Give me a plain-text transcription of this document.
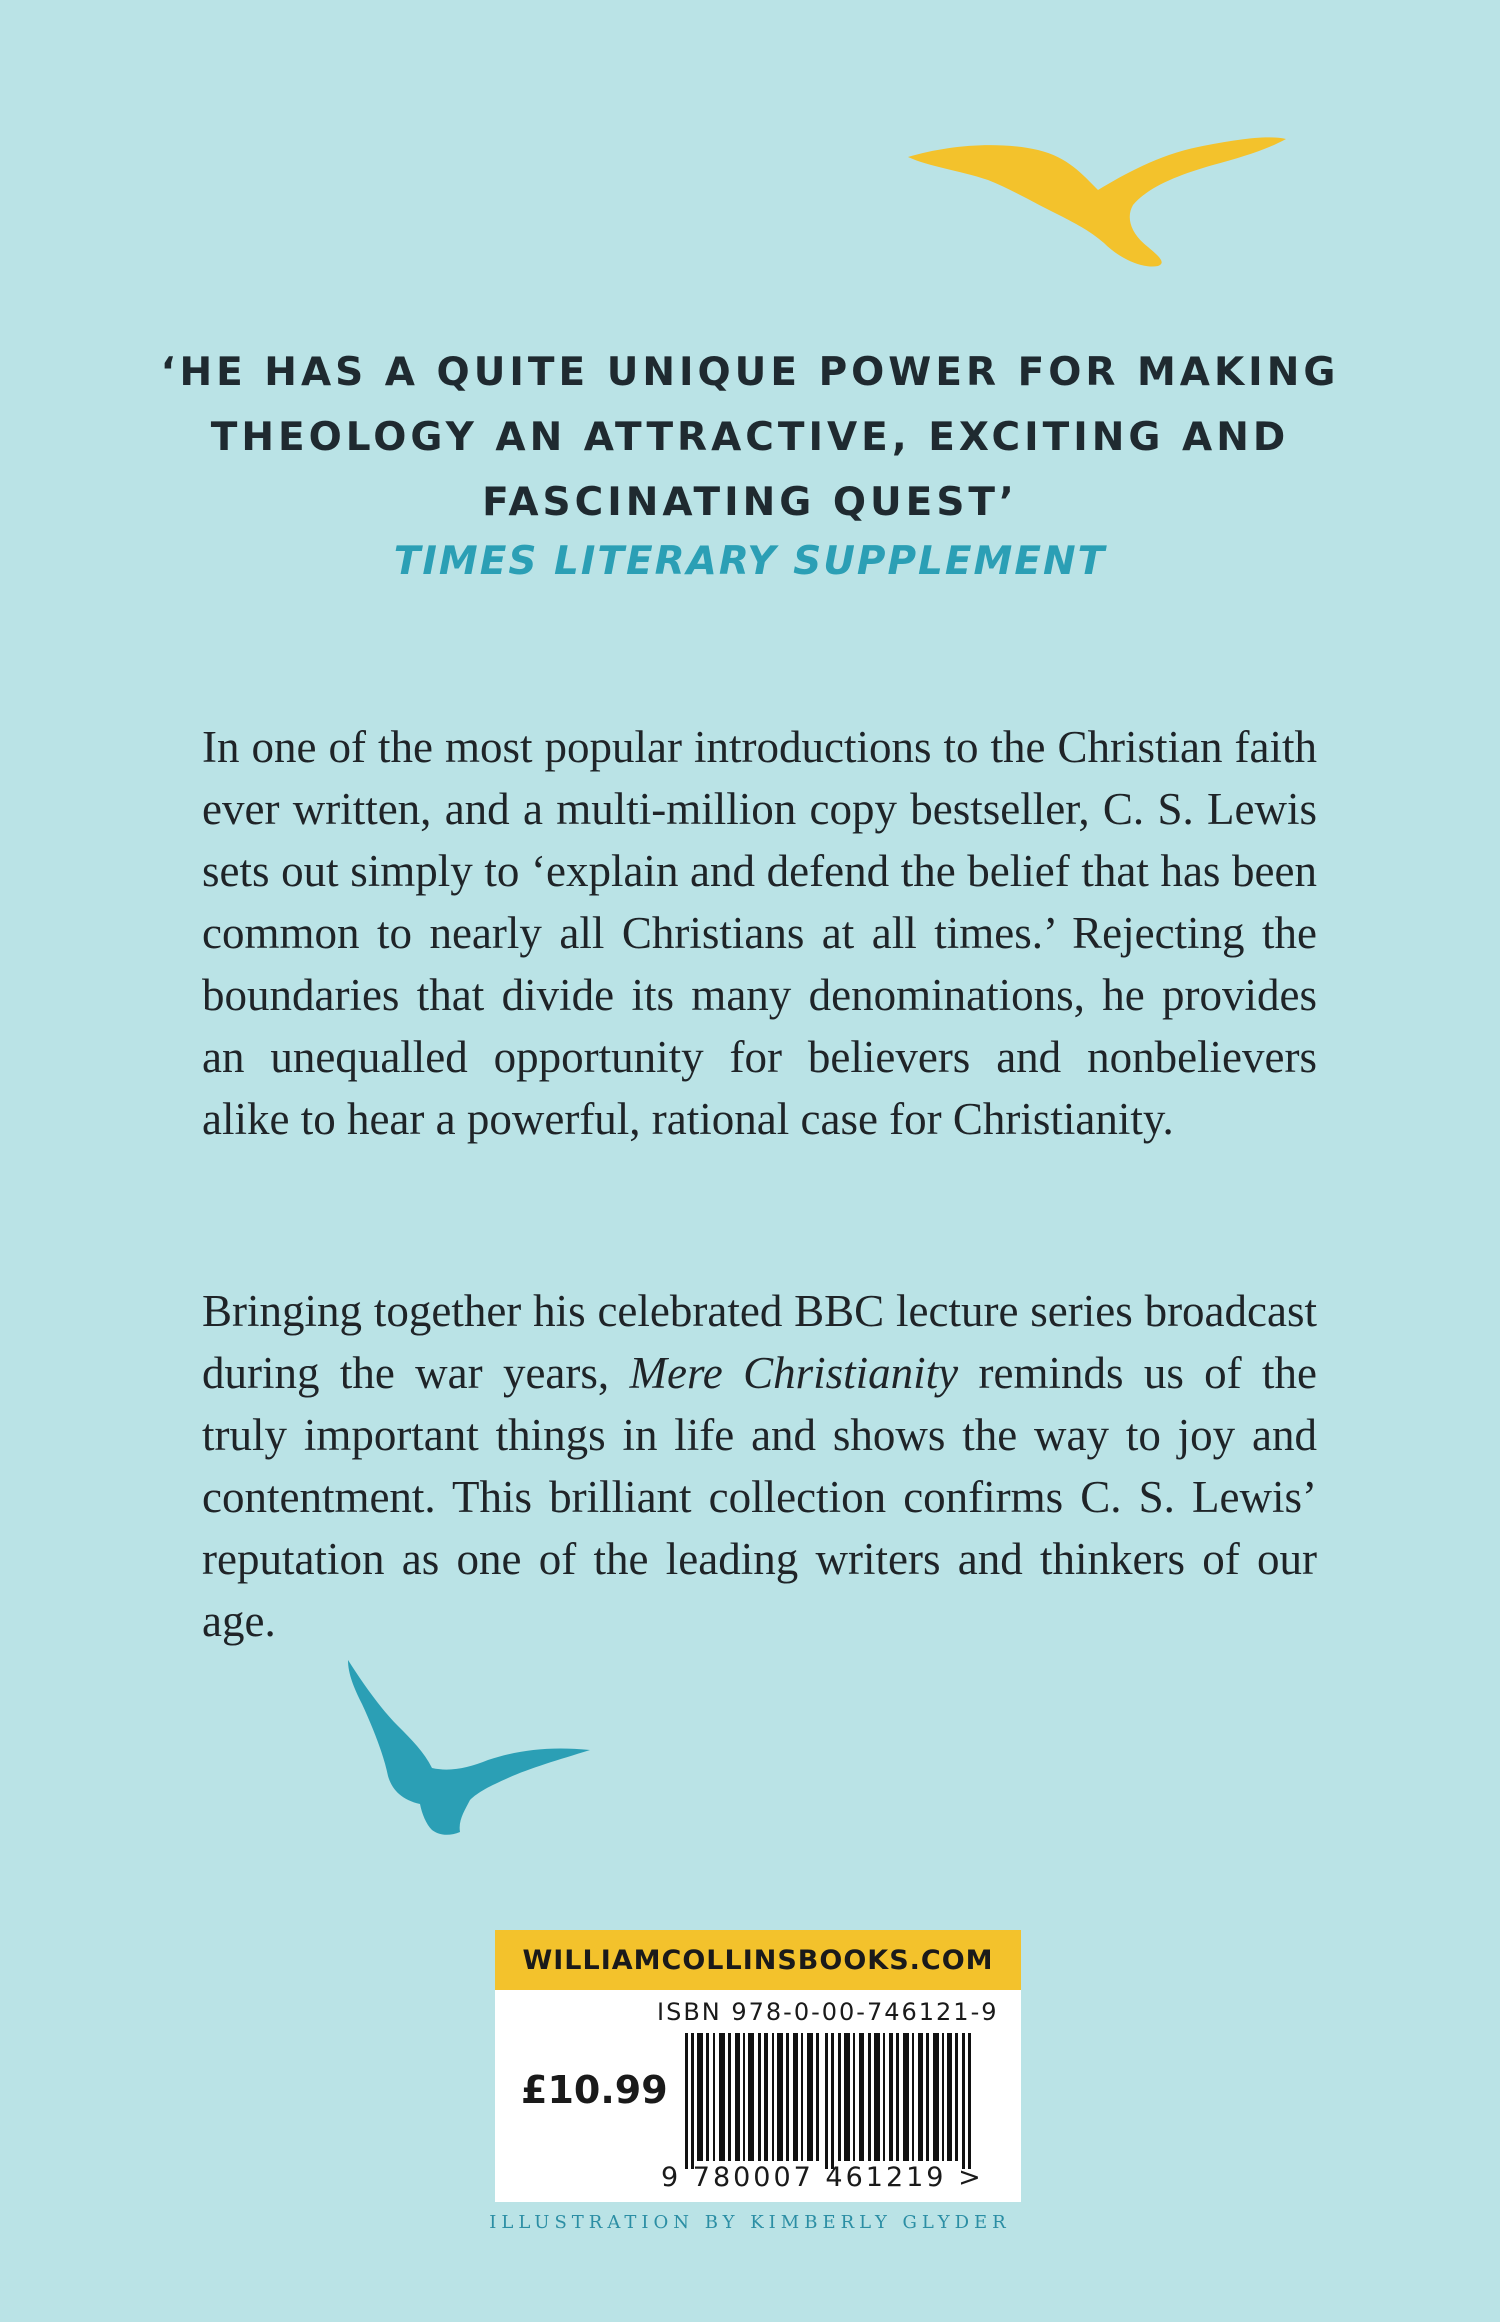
‘HE HAS A QUITE UNIQUE POWER FOR MAKING
THEOLOGY AN ATTRACTIVE, EXCITING AND
FASCINATING QUEST’
TIMES LITERARY SUPPLEMENT

In one of the most popular introductions to the Christian faith ever written, and a multi-million copy bestseller, C. S. Lewis sets out simply to ‘explain and defend the belief that has been common to nearly all Christians at all times.’ Rejecting the boundaries that divide its many denominations, he provides an unequalled opportunity for believers and nonbelievers alike to hear a powerful, rational case for Christianity.

Bringing together his celebrated BBC lecture series broadcast during the war years, Mere Christianity reminds us of the truly important things in life and shows the way to joy and contentment. This brilliant collection confirms C. S. Lewis’ reputation as one of the leading writers and thinkers of our age.

WILLIAMCOLLINSBOOKS.COM
ISBN 978-0-00-746121-9
£10.99
9 780007 461219 >
ILLUSTRATION BY KIMBERLY GLYDER
